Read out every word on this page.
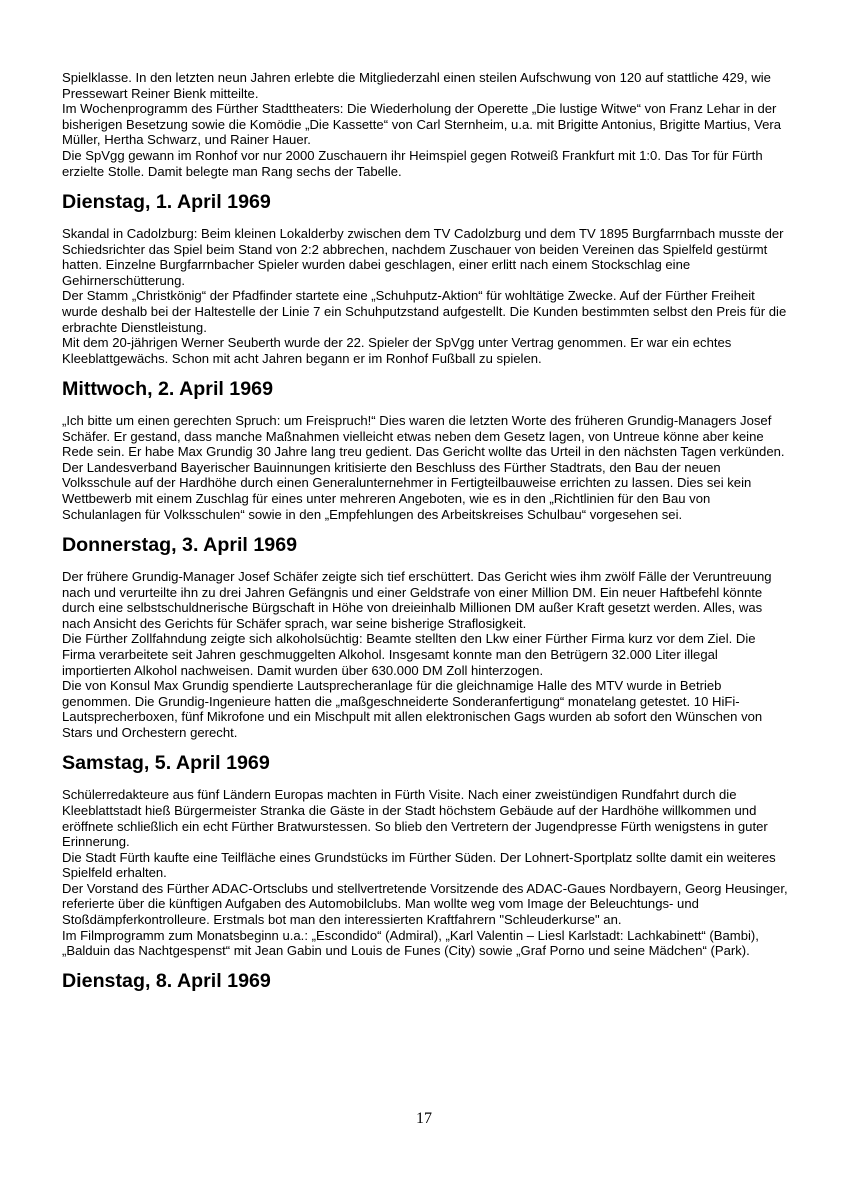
Spielklasse. In den letzten neun Jahren erlebte die Mitgliederzahl einen steilen Aufschwung von 120 auf stattliche 429, wie Pressewart Reiner Bienk mitteilte.

Im Wochenprogramm des Fürther Stadttheaters: Die Wiederholung der Operette „Die lustige Witwe“ von Franz Lehar in der bisherigen Besetzung sowie die Komödie „Die Kassette“ von Carl Sternheim, u.a. mit Brigitte Antonius, Brigitte Martius, Vera Müller, Hertha Schwarz, und Rainer Hauer.

Die SpVgg gewann im Ronhof vor nur 2000 Zuschauern ihr Heimspiel gegen Rotweiß Frankfurt mit 1:0. Das Tor für Fürth erzielte Stolle. Damit belegte man Rang sechs der Tabelle.

Dienstag, 1. April 1969

Skandal in Cadolzburg: Beim kleinen Lokalderby zwischen dem TV Cadolzburg und dem TV 1895 Burgfarrnbach musste der Schiedsrichter das Spiel beim Stand von 2:2 abbrechen, nachdem Zuschauer von beiden Vereinen das Spielfeld gestürmt hatten. Einzelne Burgfarrnbacher Spieler wurden dabei geschlagen, einer erlitt nach einem Stockschlag eine Gehirnerschütterung.

Der Stamm „Christkönig“ der Pfadfinder startete eine „Schuhputz-Aktion“ für wohltätige Zwecke. Auf der Fürther Freiheit wurde deshalb bei der Haltestelle der Linie 7 ein Schuhputzstand aufgestellt. Die Kunden bestimmten selbst den Preis für die erbrachte Dienstleistung.

Mit dem 20-jährigen Werner Seuberth wurde der 22. Spieler der SpVgg unter Vertrag genommen. Er war ein echtes Kleeblattgewächs. Schon mit acht Jahren begann er im Ronhof Fußball zu spielen.

Mittwoch, 2. April 1969

„Ich bitte um einen gerechten Spruch: um Freispruch!“ Dies waren die letzten Worte des früheren Grundig-Managers Josef Schäfer. Er gestand, dass manche Maßnahmen vielleicht etwas neben dem Gesetz lagen, von Untreue könne aber keine Rede sein. Er habe Max Grundig 30 Jahre lang treu gedient. Das Gericht wollte das Urteil in den nächsten Tagen verkünden.

Der Landesverband Bayerischer Bauinnungen kritisierte den Beschluss des Fürther Stadtrats, den Bau der neuen Volksschule auf der Hardhöhe durch einen Generalunternehmer in Fertigteilbauweise errichten zu lassen. Dies sei kein Wettbewerb mit einem Zuschlag für eines unter mehreren Angeboten, wie es in den „Richtlinien für den Bau von Schulanlagen für Volksschulen“ sowie in den „Empfehlungen des Arbeitskreises Schulbau“ vorgesehen sei.

Donnerstag, 3. April 1969

Der frühere Grundig-Manager Josef Schäfer zeigte sich tief erschüttert. Das Gericht wies ihm zwölf Fälle der Veruntreuung nach und verurteilte ihn zu drei Jahren Gefängnis und einer Geldstrafe von einer Million DM. Ein neuer Haftbefehl könnte durch eine selbstschuldnerische Bürgschaft in Höhe von dreieinhalb Millionen DM außer Kraft gesetzt werden. Alles, was nach Ansicht des Gerichts für Schäfer sprach, war seine bisherige Straflosigkeit.

Die Fürther Zollfahndung zeigte sich alkoholsüchtig: Beamte stellten den Lkw einer Fürther Firma kurz vor dem Ziel. Die Firma verarbeitete seit Jahren geschmuggelten Alkohol. Insgesamt konnte man den Betrügern 32.000 Liter illegal importierten Alkohol nachweisen. Damit wurden über 630.000 DM Zoll hinterzogen.

Die von Konsul Max Grundig spendierte Lautsprecheranlage für die gleichnamige Halle des MTV wurde in Betrieb genommen. Die Grundig-Ingenieure hatten die „maßgeschneiderte Sonderanfertigung“ monatelang getestet. 10 HiFi-Lautsprecherboxen, fünf Mikrofone und ein Mischpult mit allen elektronischen Gags wurden ab sofort den Wünschen von Stars und Orchestern gerecht.

Samstag, 5. April 1969

Schülerredakteure aus fünf Ländern Europas machten in Fürth Visite. Nach einer zweistündigen Rundfahrt durch die Kleeblattstadt hieß Bürgermeister Stranka die Gäste in der Stadt höchstem Gebäude auf der Hardhöhe willkommen und eröffnete schließlich ein echt Fürther Bratwurstessen. So blieb den Vertretern der Jugendpresse Fürth wenigstens in guter Erinnerung.

Die Stadt Fürth kaufte eine Teilfläche eines Grundstücks im Fürther Süden. Der Lohnert-Sportplatz sollte damit ein weiteres Spielfeld erhalten.

Der Vorstand des Fürther ADAC-Ortsclubs und stellvertretende Vorsitzende des ADAC-Gaues Nordbayern, Georg Heusinger, referierte über die künftigen Aufgaben des Automobilclubs. Man wollte weg vom Image der Beleuchtungs- und Stoßdämpferkontrolleure. Erstmals bot man den interessierten Kraftfahrern "Schleuderkurse" an.

Im Filmprogramm zum Monatsbeginn u.a.: „Escondido“ (Admiral), „Karl Valentin – Liesl Karlstadt: Lachkabinett“ (Bambi), „Balduin das Nachtgespenst“ mit Jean Gabin und Louis de Funes (City) sowie „Graf Porno und seine Mädchen“ (Park).

Dienstag, 8. April 1969
17
